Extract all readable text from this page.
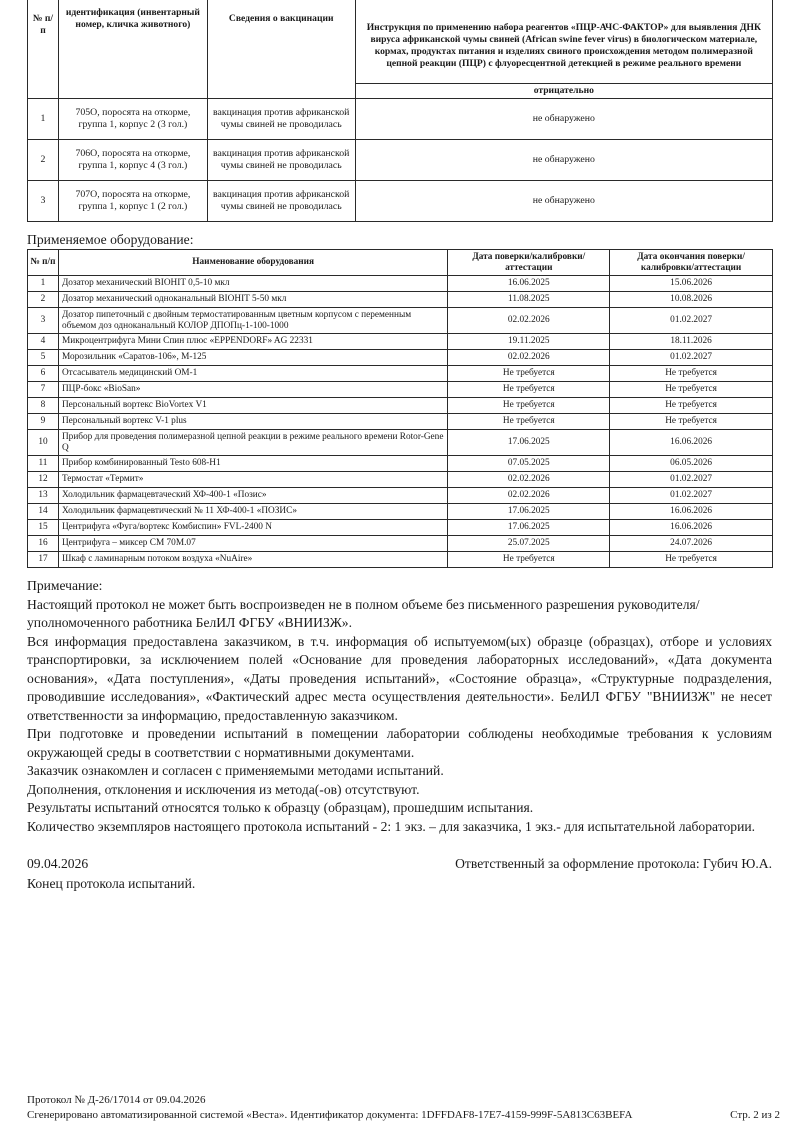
№ п/п	идентификация (инвентарный номер, кличка животного)	Сведения о вакцинации	Инструкция по применению набора реагентов «ПЦР-АЧС-ФАКТОР» для выявления ДНК вируса африканской чумы свиней (African swine fever virus) в биологическом материале, кормах, продуктах питания и изделиях свиного происхождения методом полимеразной цепной реакции (ПЦР) с флуоресцентной детекцией в режиме реального времени
			отрицательно
1	705О, поросята на откорме, группа 1, корпус 2 (3 гол.)	вакцинация против африканской чумы свиней не проводилась	не обнаружено
2	706О, поросята на откорме, группа 1, корпус 4 (3 гол.)	вакцинация против африканской чумы свиней не проводилась	не обнаружено
3	707О, поросята на откорме, группа 1, корпус 1 (2 гол.)	вакцинация против африканской чумы свиней не проводилась	не обнаружено
Применяемое оборудование:
№ п/п	Наименование оборудования	Дата поверки/калибровки/аттестации	Дата окончания поверки/калибровки/аттестации
1	Дозатор механический BIOHIT 0,5-10 мкл	16.06.2025	15.06.2026
2	Дозатор механический одноканальный BIOHIT 5-50 мкл	11.08.2025	10.08.2026
3	Дозатор пипеточный с двойным термостатированным цветным корпусом с переменным объемом доз одноканальный КОЛОР ДПОПц-1-100-1000	02.02.2026	01.02.2027
4	Микроцентрифуга Мини Спин плюс «EPPENDORF» AG 22331	19.11.2025	18.11.2026
5	Морозильник «Саратов-106», М-125	02.02.2026	01.02.2027
6	Отсасыватель медицинский ОМ-1	Не требуется	Не требуется
7	ПЦР-бокс «BioSan»	Не требуется	Не требуется
8	Персональный вортекс BioVortex V1	Не требуется	Не требуется
9	Персональный вортекс V-1 plus	Не требуется	Не требуется
10	Прибор для проведения полимеразной цепной реакции в режиме реального времени Rotor-Gene Q	17.06.2025	16.06.2026
11	Прибор комбинированный Testo 608-H1	07.05.2025	06.05.2026
12	Термостат «Термит»	02.02.2026	01.02.2027
13	Холодильник фармацевтаческий ХФ-400-1 «Позис»	02.02.2026	01.02.2027
14	Холодильник фармацевтический № 11 ХФ-400-1 «ПОЗИС»	17.06.2025	16.06.2026
15	Центрифуга «Фуга/вортекс Комбиспин» FVL-2400 N	17.06.2025	16.06.2026
16	Центрифуга – миксер СМ 70М.07	25.07.2025	24.07.2026
17	Шкаф с ламинарным потоком воздуха «NuAire»	Не требуется	Не требуется

Примечание:

Настоящий протокол не может быть воспроизведен не в полном объеме без письменного разрешения руководителя/уполномоченного работника БелИЛ ФГБУ «ВНИИЗЖ».

Вся информация предоставлена заказчиком, в т.ч. информация об испытуемом(ых) образце (образцах), отборе и условиях транспортировки, за исключением полей «Основание для проведения лабораторных исследований», «Дата документа основания», «Дата поступления», «Даты проведения испытаний», «Состояние образца», «Структурные подразделения, проводившие исследования», «Фактический адрес места осуществления деятельности». БелИЛ ФГБУ "ВНИИЗЖ" не несет ответственности за информацию, предоставленную заказчиком.

При подготовке и проведении испытаний в помещении лаборатории соблюдены необходимые требования к условиям окружающей среды в соответствии с нормативными документами.

Заказчик ознакомлен и согласен с применяемыми методами испытаний.

Дополнения, отклонения и исключения из метода(-ов) отсутствуют.

Результаты испытаний относятся только к образцу (образцам), прошедшим испытания.

Количество экземпляров настоящего протокола испытаний - 2: 1 экз. – для заказчика, 1 экз.- для испытательной лаборатории.

09.04.2026	Ответственный за оформление протокола: Губич Ю.А.
Конец протокола испытаний.
Протокол № Д-26/17014 от 09.04.2026
Сгенерировано автоматизированной системой «Веста». Идентификатор документа: 1DFFDAF8-17E7-4159-999F-5A813C63BEFA	Стр. 2 из 2
